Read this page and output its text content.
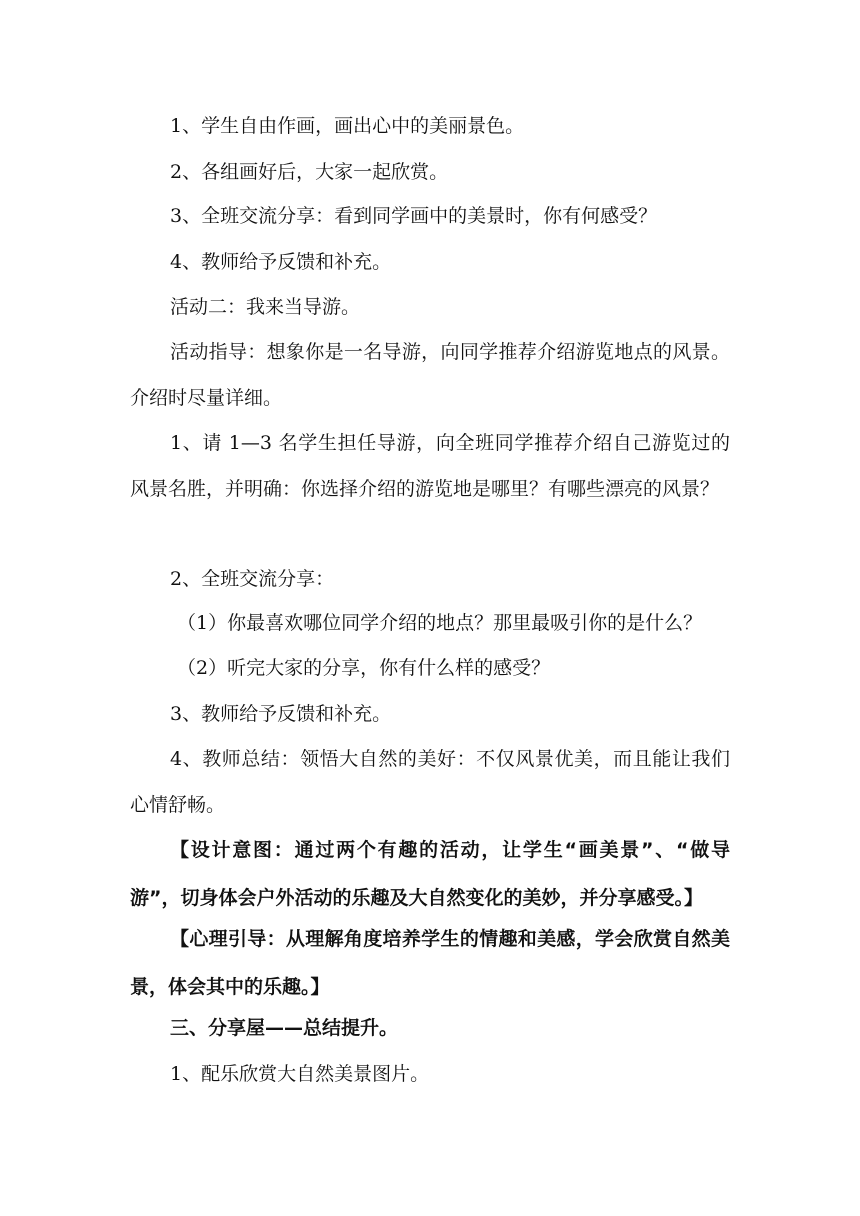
1、学生自由作画，画出心中的美丽景色。

2、各组画好后，大家一起欣赏。

3、全班交流分享：看到同学画中的美景时，你有何感受？

4、教师给予反馈和补充。

活动二：我来当导游。

活动指导：想象你是一名导游，向同学推荐介绍游览地点的风景。介绍时尽量详细。

1、请 1—3 名学生担任导游，向全班同学推荐介绍自己游览过的风景名胜，并明确：你选择介绍的游览地是哪里？有哪些漂亮的风景？

2、全班交流分享：

（1）你最喜欢哪位同学介绍的地点？那里最吸引你的是什么？

（2）听完大家的分享，你有什么样的感受？

3、教师给予反馈和补充。

4、教师总结：领悟大自然的美好：不仅风景优美，而且能让我们心情舒畅。

【设计意图：通过两个有趣的活动，让学生“画美景”、“做导游”，切身体会户外活动的乐趣及大自然变化的美妙，并分享感受。】

【心理引导：从理解角度培养学生的情趣和美感，学会欣赏自然美景，体会其中的乐趣。】

三、分享屋——总结提升。

1、配乐欣赏大自然美景图片。
